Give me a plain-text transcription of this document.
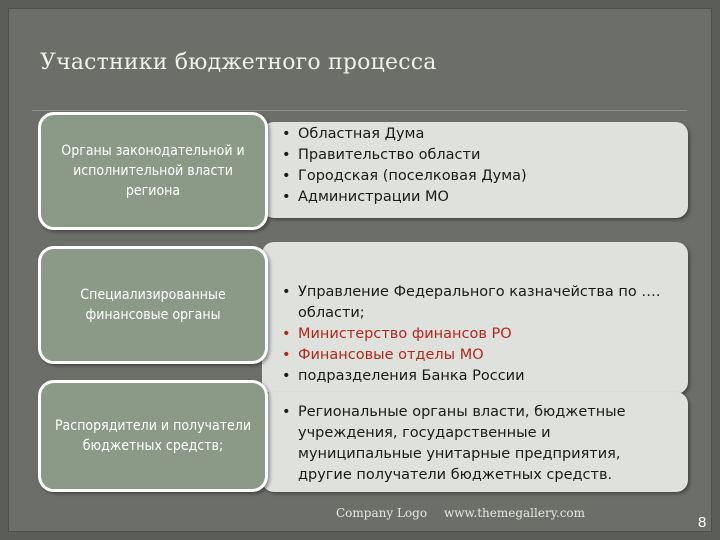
Участники бюджетного процесса
• Областная Дума
• Правительство области
• Городская (поселковая Дума)
• Администрации МО
Органы законодательной и исполнительной власти региона
• Управление Федерального казначейства по …. области;
• Министерство финансов РО
• Финансовые отделы МО
• подразделения Банка России
Специализированные финансовые органы
• Региональные органы власти, бюджетные учреждения, государственные и муниципальные унитарные предприятия, другие получатели бюджетных средств.
Распорядители и получатели бюджетных средств;
Company Logo www.themegallery.com
8
